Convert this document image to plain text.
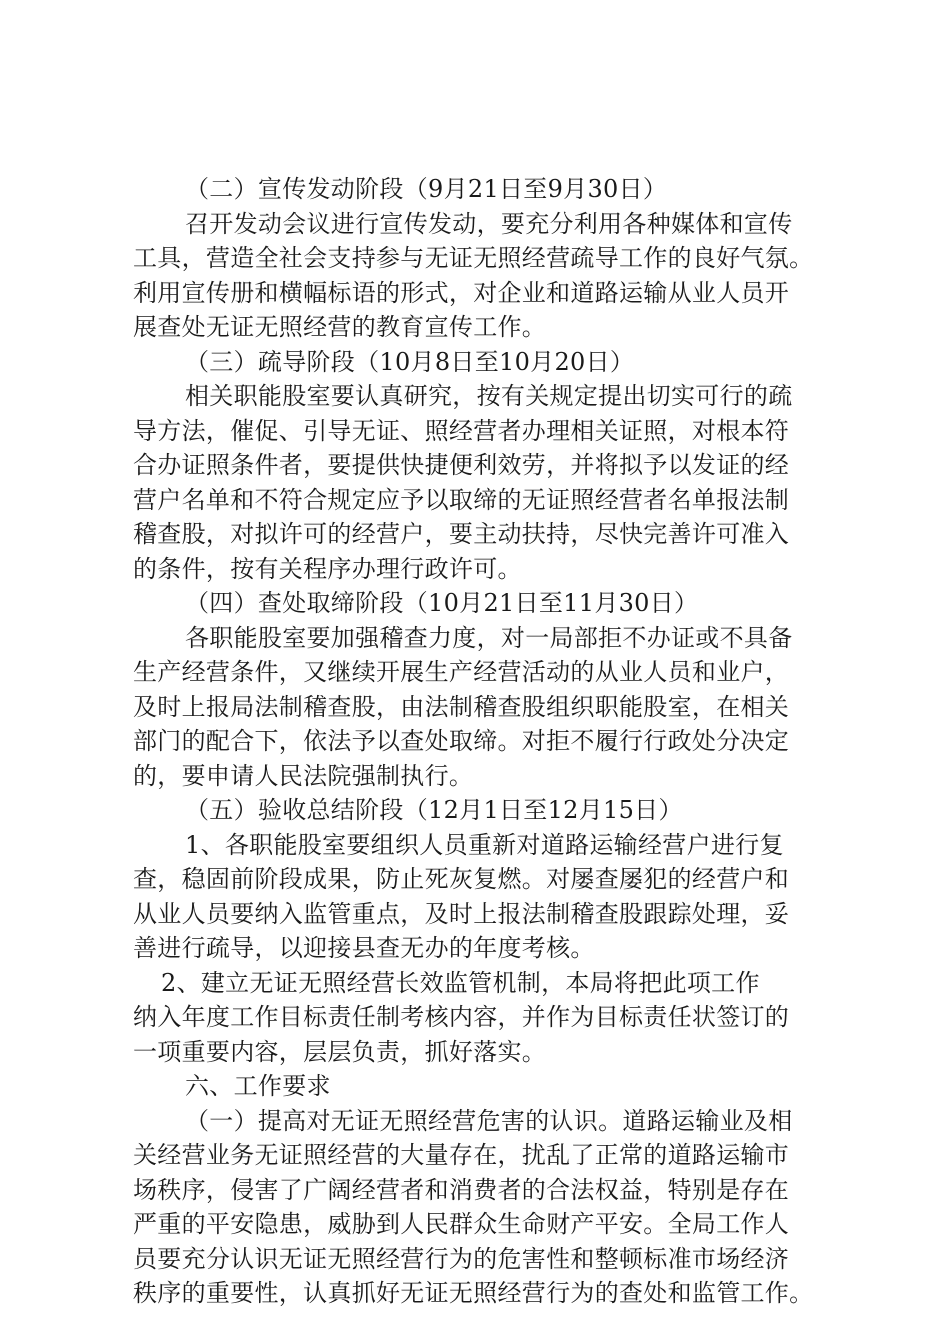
（二）宣传发动阶段（9月21日至9月30日）
召开发动会议进行宣传发动，要充分利用各种媒体和宣传
工具，营造全社会支持参与无证无照经营疏导工作的良好气氛。
利用宣传册和横幅标语的形式，对企业和道路运输从业人员开
展查处无证无照经营的教育宣传工作。
（三）疏导阶段（10月8日至10月20日）
相关职能股室要认真研究，按有关规定提出切实可行的疏
导方法，催促、引导无证、照经营者办理相关证照，对根本符
合办证照条件者，要提供快捷便利效劳，并将拟予以发证的经
营户名单和不符合规定应予以取缔的无证照经营者名单报法制
稽查股，对拟许可的经营户，要主动扶持，尽快完善许可准入
的条件，按有关程序办理行政许可。
（四）查处取缔阶段（10月21日至11月30日）
各职能股室要加强稽查力度，对一局部拒不办证或不具备
生产经营条件，又继续开展生产经营活动的从业人员和业户，
及时上报局法制稽查股，由法制稽查股组织职能股室，在相关
部门的配合下，依法予以查处取缔。对拒不履行行政处分决定
的，要申请人民法院强制执行。
（五）验收总结阶段（12月1日至12月15日）
1、各职能股室要组织人员重新对道路运输经营户进行复
查，稳固前阶段成果，防止死灰复燃。对屡查屡犯的经营户和
从业人员要纳入监管重点，及时上报法制稽查股跟踪处理，妥
善进行疏导，以迎接县查无办的年度考核。
2、建立无证无照经营长效监管机制，本局将把此项工作
纳入年度工作目标责任制考核内容，并作为目标责任状签订的
一项重要内容，层层负责，抓好落实。
六、工作要求
（一）提高对无证无照经营危害的认识。道路运输业及相
关经营业务无证照经营的大量存在，扰乱了正常的道路运输市
场秩序，侵害了广阔经营者和消费者的合法权益，特别是存在
严重的平安隐患，威胁到人民群众生命财产平安。全局工作人
员要充分认识无证无照经营行为的危害性和整顿标准市场经济
秩序的重要性，认真抓好无证无照经营行为的查处和监管工作。
